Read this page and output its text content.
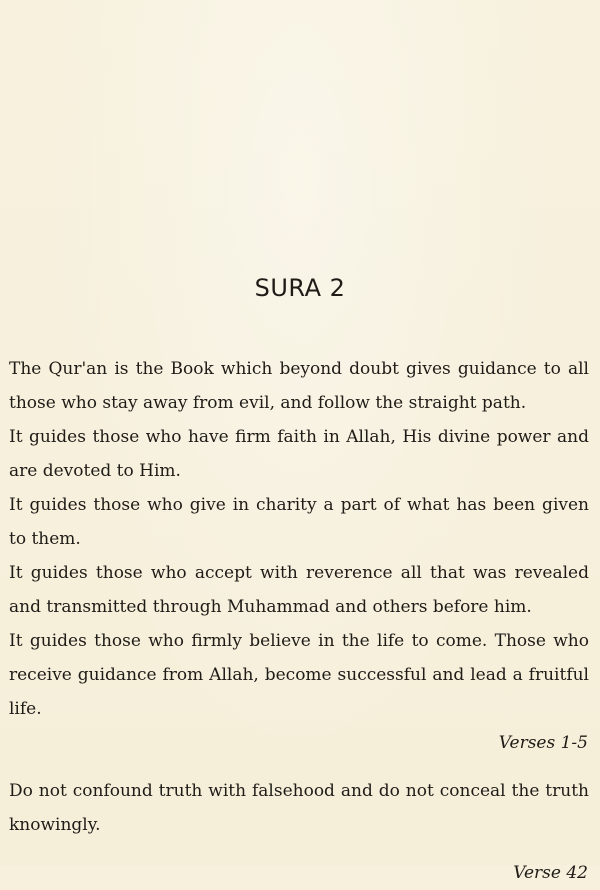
SURA 2

The Qur'an is the Book which beyond doubt gives guidance to all those who stay away from evil, and follow the straight path.

It guides those who have firm faith in Allah, His divine power and are devoted to Him.

It guides those who give in charity a part of what has been given to them.

It guides those who accept with reverence all that was revealed and transmitted through Muhammad and others before him.

It guides those who firmly believe in the life to come. Those who receive guidance from Allah, become successful and lead a fruitful life.

Verses 1-5

Do not confound truth with falsehood and do not conceal the truth knowingly.

Verse 42
